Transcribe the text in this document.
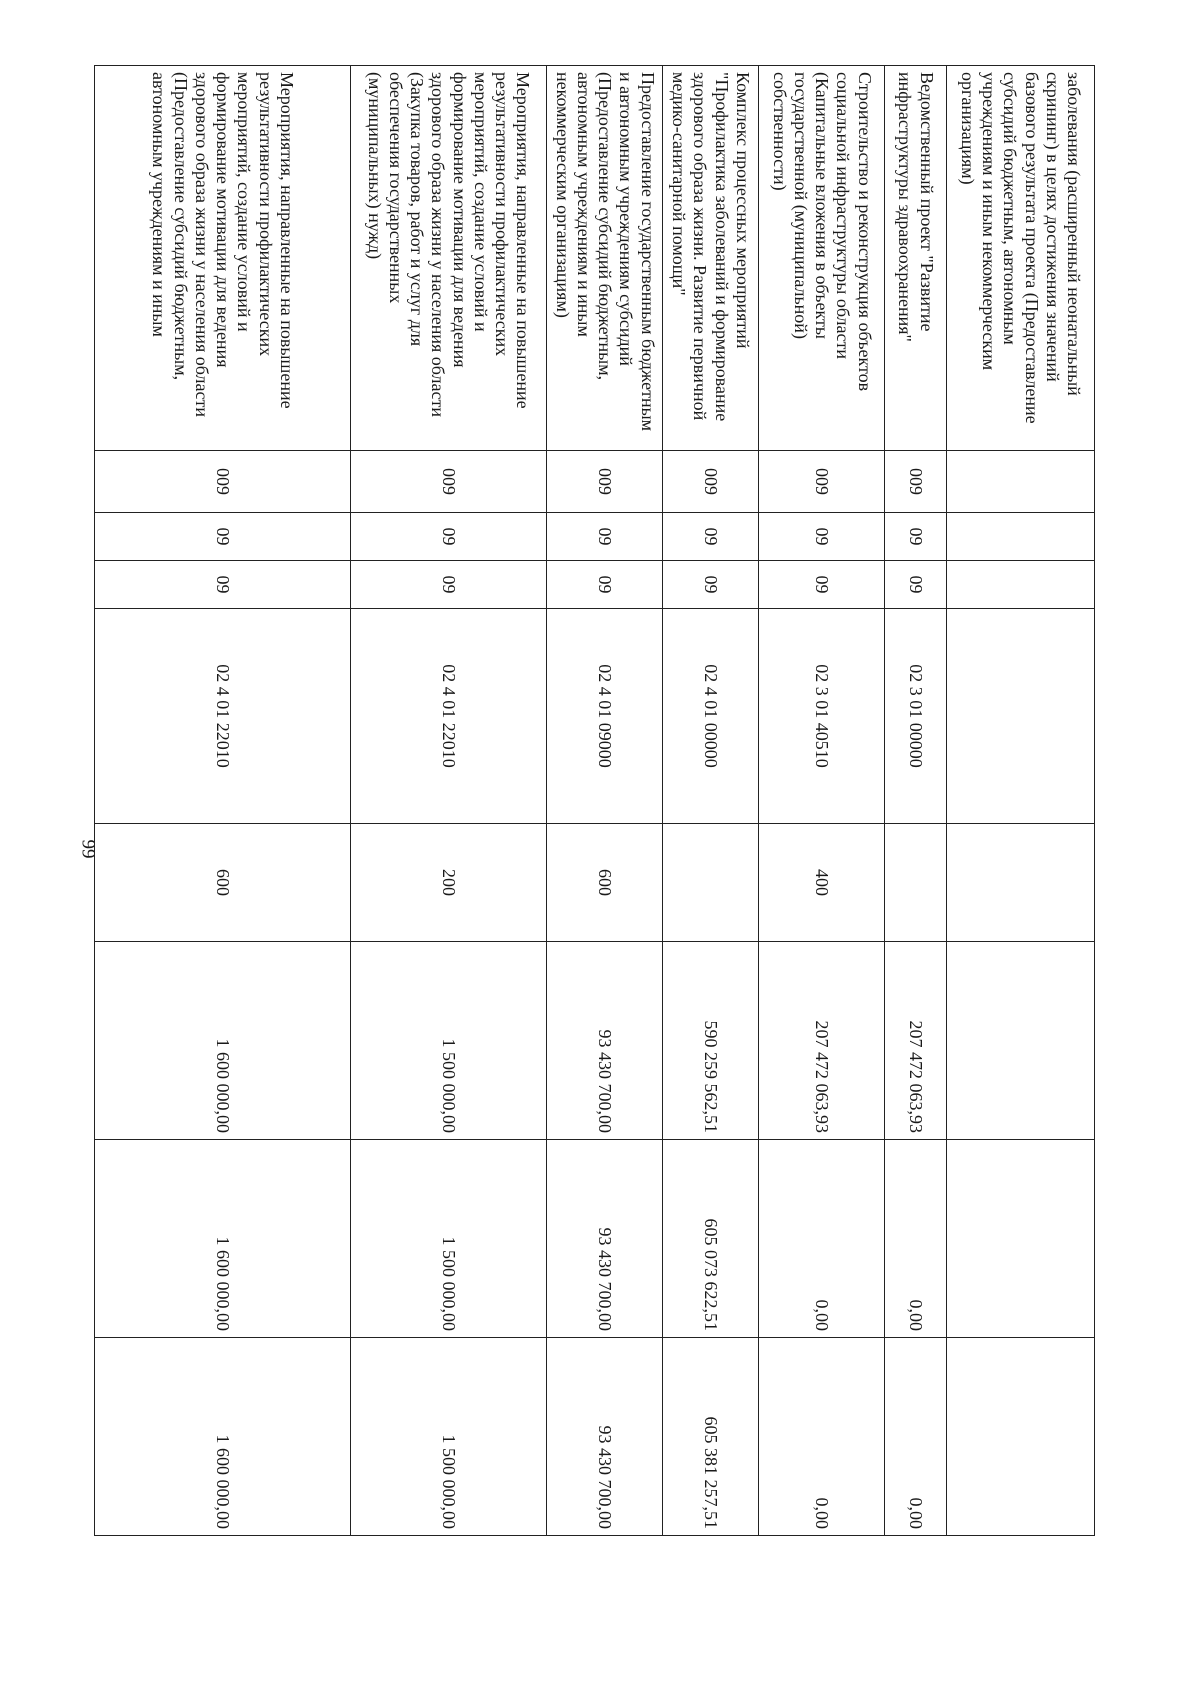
99
заболевания (расширенный неонатальный скрининг) в целях достижения значений базового результата проекта (Предоставление субсидий бюджетным, автономным учреждениям и иным некоммерческим организациям)								
Ведомственный проект "Развитие инфраструктуры здравоохранения"	009	09	09	02 3 01 00000		207 472 063,93	0,00	0,00
Строительство и реконструкция объектов социальной инфраструктуры области (Капитальные вложения в объекты государственной (муниципальной) собственности)	009	09	09	02 3 01 40510	400	207 472 063,93	0,00	0,00
Комплекс процессных мероприятий "Профилактика заболеваний и формирование здорового образа жизни. Развитие первичной медико-санитарной помощи"	009	09	09	02 4 01 00000		590 259 562,51	605 073 622,51	605 381 257,51
Предоставление государственным бюджетным и автономным учреждениям субсидий (Предоставление субсидий бюджетным, автономным учреждениям и иным некоммерческим организациям)	009	09	09	02 4 01 09000	600	93 430 700,00	93 430 700,00	93 430 700,00
Мероприятия, направленные на повышение результативности профилактических мероприятий, создание условий и формирование мотивации для ведения здорового образа жизни у населения области (Закупка товаров, работ и услуг для обеспечения государственных (муниципальных) нужд)	009	09	09	02 4 01 22010	200	1 500 000,00	1 500 000,00	1 500 000,00
Мероприятия, направленные на повышение результативности профилактических мероприятий, создание условий и формирование мотивации для ведения здорового образа жизни у населения области (Предоставление субсидий бюджетным, автономным учреждениям и иным	009	09	09	02 4 01 22010	600	1 600 000,00	1 600 000,00	1 600 000,00
